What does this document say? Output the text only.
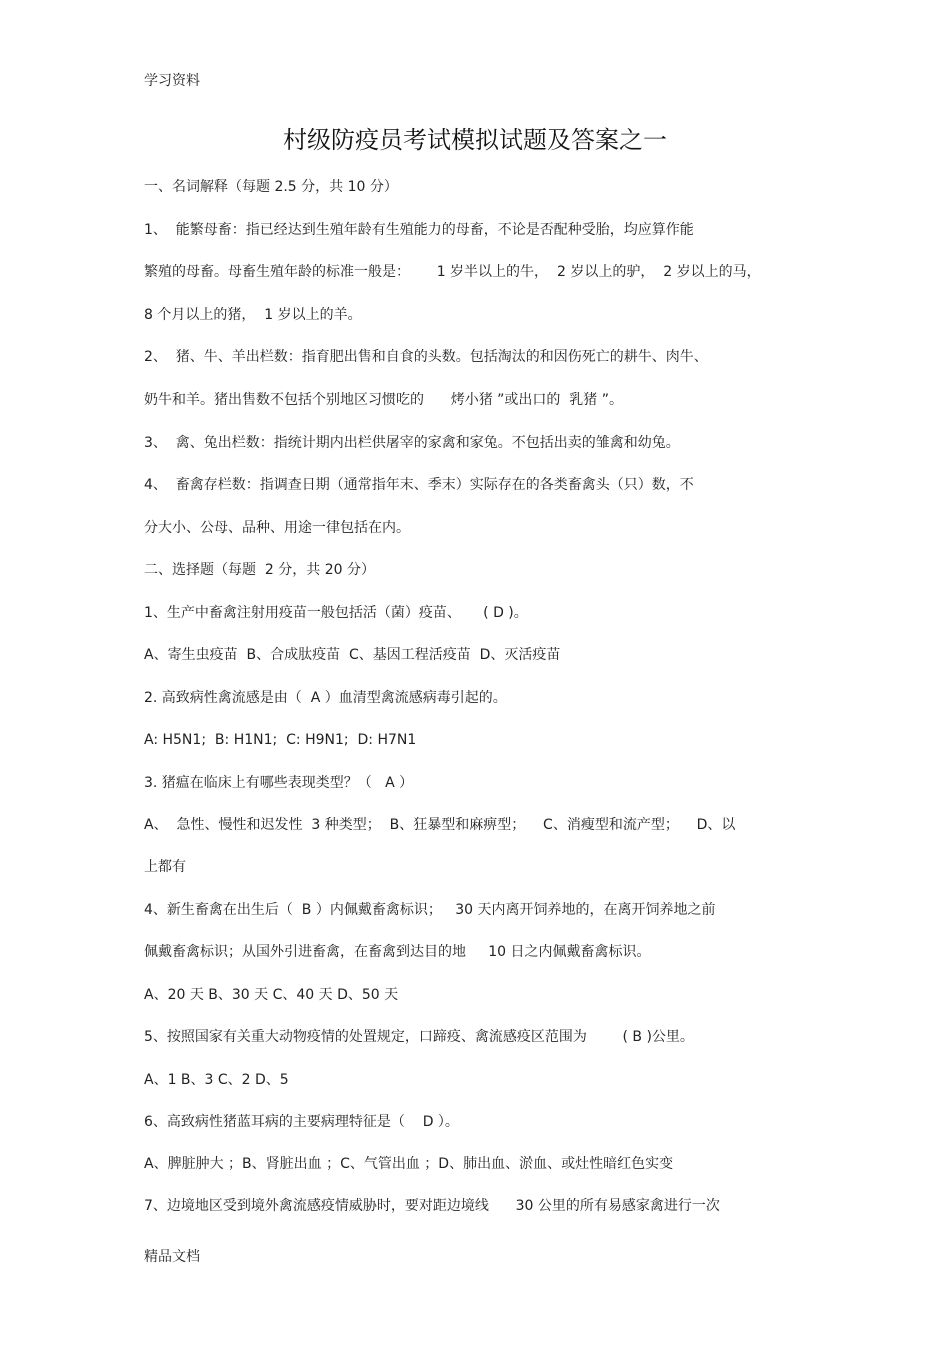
学习资料
村级防疫员考试模拟试题及答案之一
一、名词解释（每题 2.5 分，共 10 分）
1、  能繁母畜：指已经达到生殖年龄有生殖能力的母畜，不论是否配种受胎，均应算作能
繁殖的母畜。母畜生殖年龄的标准一般是：      1 岁半以上的牛，  2 岁以上的驴，  2 岁以上的马，
8 个月以上的猪，  1 岁以上的羊。
2、  猪、牛、羊出栏数：指育肥出售和自食的头数。包括淘汰的和因伤死亡的耕牛、肉牛、
奶牛和羊。猪出售数不包括个别地区习惯吃的      烤小猪 ”或出口的  乳猪 ”。
3、  禽、兔出栏数：指统计期内出栏供屠宰的家禽和家兔。不包括出卖的雏禽和幼兔。
4、  畜禽存栏数：指调查日期（通常指年末、季末）实际存在的各类畜禽头（只）数，不
分大小、公母、品种、用途一律包括在内。
二、选择题（每题  2 分，共 20 分）
1、生产中畜禽注射用疫苗一般包括活（菌）疫苗、     ( D )。
A、寄生虫疫苗  B、合成肽疫苗  C、基因工程活疫苗  D、灭活疫苗
2. 高致病性禽流感是由（  A ）血清型禽流感病毒引起的。
A: H5N1;  B: H1N1;  C: H9N1;  D: H7N1
3. 猪瘟在临床上有哪些表现类型？（   A ）
A、  急性、慢性和迟发性  3 种类型；  B、狂暴型和麻痹型；    C、消瘦型和流产型；    D、以
上都有
4、新生畜禽在出生后（  B ）内佩戴畜禽标识；   30 天内离开饲养地的，在离开饲养地之前
佩戴畜禽标识；从国外引进畜禽，在畜禽到达目的地     10 日之内佩戴畜禽标识。
A、20 天 B、30 天 C、40 天 D、50 天
5、按照国家有关重大动物疫情的处置规定，口蹄疫、禽流感疫区范围为        ( B )公里。
A、1 B、3 C、2 D、5
6、高致病性猪蓝耳病的主要病理特征是（    D ）。
A、脾脏肿大 ；B、肾脏出血 ；C、气管出血 ；D、肺出血、淤血、或灶性暗红色实变
7、边境地区受到境外禽流感疫情威胁时，要对距边境线      30 公里的所有易感家禽进行一次
精品文档
